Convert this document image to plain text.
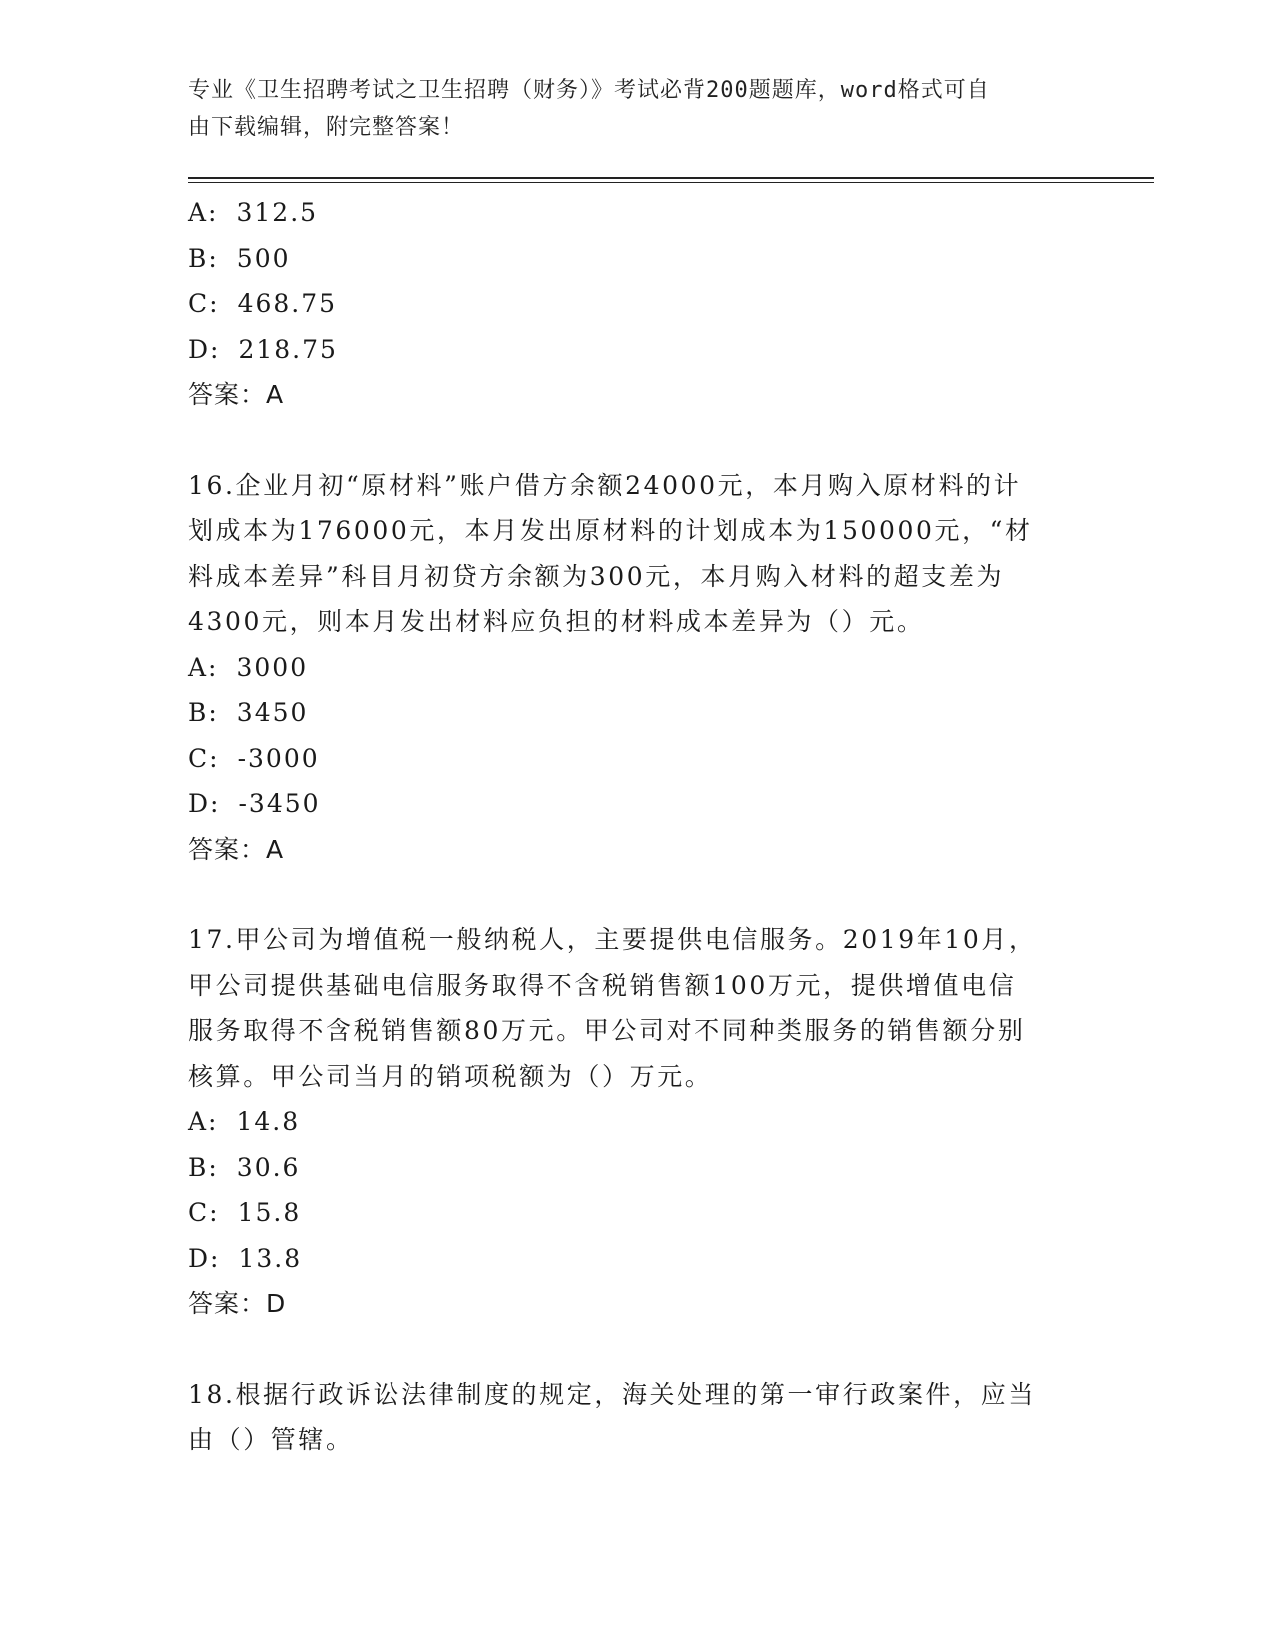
专业《卫生招聘考试之卫生招聘（财务）》考试必背200题题库，word格式可自
由下载编辑，附完整答案！
A: 312.5
B: 500
C: 468.75
D: 218.75
答案：A
16.企业月初“原材料”账户借方余额24000元，本月购入原材料的计
划成本为176000元，本月发出原材料的计划成本为150000元，“材
料成本差异”科目月初贷方余额为300元，本月购入材料的超支差为
4300元，则本月发出材料应负担的材料成本差异为（）元。
A: 3000
B: 3450
C: -3000
D: -3450
答案：A
17.甲公司为增值税一般纳税人，主要提供电信服务。2019年10月，
甲公司提供基础电信服务取得不含税销售额100万元，提供增值电信
服务取得不含税销售额80万元。甲公司对不同种类服务的销售额分别
核算。甲公司当月的销项税额为（）万元。
A: 14.8
B: 30.6
C: 15.8
D: 13.8
答案：D
18.根据行政诉讼法律制度的规定，海关处理的第一审行政案件，应当
由（）管辖。
